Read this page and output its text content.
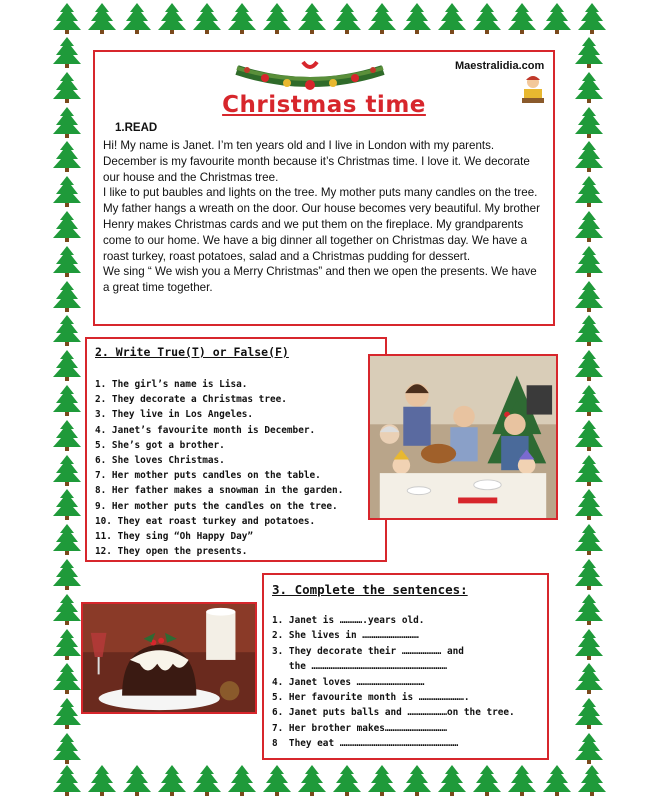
Maestralidia.com
Christmas time
1.READ

Hi! My name is Janet. I’m ten years old and I live in London with my parents. December is my favourite month because it’s Christmas time. I love it. We decorate our house and the Christmas tree.

I like to put baubles and lights on the tree. My mother puts many candles on the tree. My father hangs a wreath on the door. Our house becomes very beautiful. My brother Henry makes Christmas cards and we put them on the fireplace. My grandparents come to our home. We have a big dinner all together on Christmas day. We have a roast turkey, roast potatoes, salad and a Christmas pudding for dessert.

We sing “ We wish you a Merry Christmas” and then we open the presents. We have a great time together.

2. Write True(T) or False(F)
1. The girl’s name is Lisa.
2. They decorate a Christmas tree.
3. They live in Los Angeles.
4. Janet’s favourite month is December.
5. She’s got a brother.
6. She loves Christmas.
7. Her mother puts candles on the table.
8. Her father makes a snowman in the garden.
9. Her mother puts the candles on the tree.
10. They eat roast turkey and potatoes.
11. They sing “Oh Happy Day”
12. They open the presents.
3. Complete the sentences:
1. Janet is ………….years old.
2. She lives in …………………………
3. They decorate their ………………… and
the ………………………………………………………………
4. Janet loves ………………………………
5. Her favourite month is …………………….
6. Janet puts balls and …………………on the tree.
7. Her brother makes……………………………
8  They eat ………………………………………………………
